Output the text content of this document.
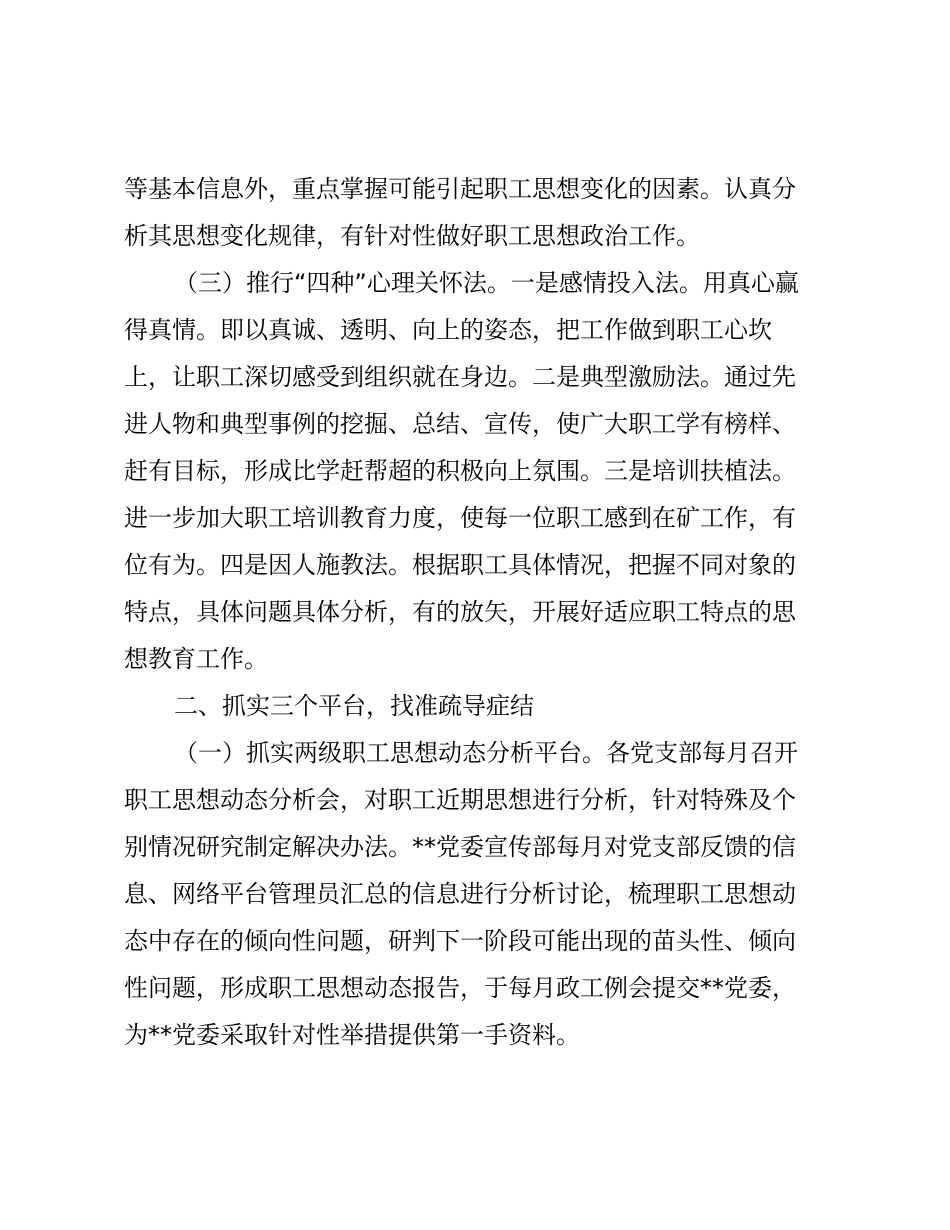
等基本信息外，重点掌握可能引起职工思想变化的因素。认真分
析其思想变化规律，有针对性做好职工思想政治工作。
（三）推行“四种”心理关怀法。一是感情投入法。用真心赢
得真情。即以真诚、透明、向上的姿态，把工作做到职工心坎
上，让职工深切感受到组织就在身边。二是典型激励法。通过先
进人物和典型事例的挖掘、总结、宣传，使广大职工学有榜样、
赶有目标，形成比学赶帮超的积极向上氛围。三是培训扶植法。
进一步加大职工培训教育力度，使每一位职工感到在矿工作，有
位有为。四是因人施教法。根据职工具体情况，把握不同对象的
特点，具体问题具体分析，有的放矢，开展好适应职工特点的思
想教育工作。
二、抓实三个平台，找准疏导症结
（一）抓实两级职工思想动态分析平台。各党支部每月召开
职工思想动态分析会，对职工近期思想进行分析，针对特殊及个
别情况研究制定解决办法。**党委宣传部每月对党支部反馈的信
息、网络平台管理员汇总的信息进行分析讨论，梳理职工思想动
态中存在的倾向性问题，研判下一阶段可能出现的苗头性、倾向
性问题，形成职工思想动态报告，于每月政工例会提交**党委，
为**党委采取针对性举措提供第一手资料。
